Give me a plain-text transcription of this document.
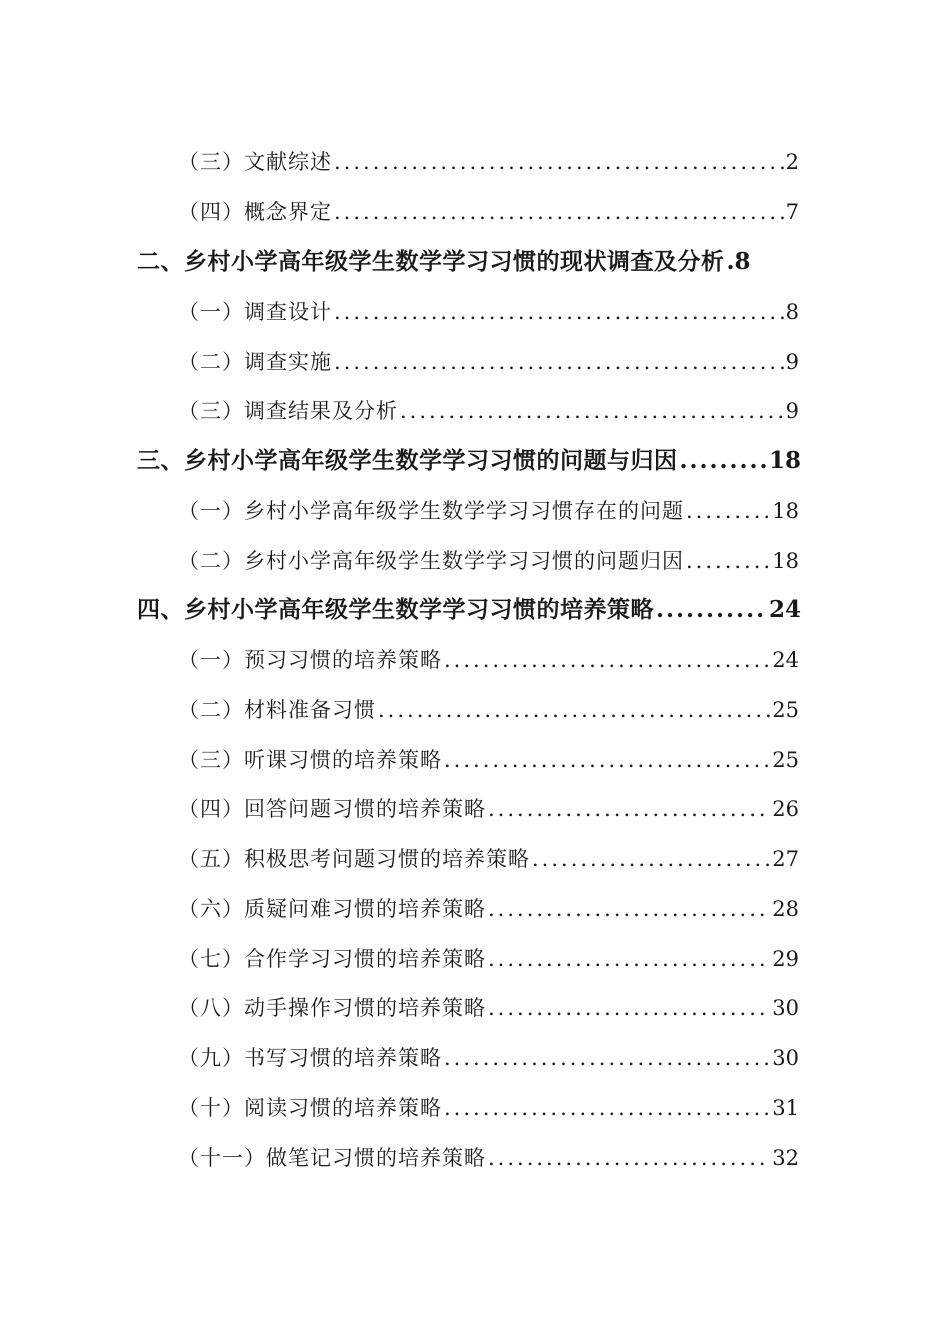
（三）文献综述 .....	2
（四）概念界定 .....	7
二、乡村小学高年级学生数学学习习惯的现状调查及分析 ..... 8
（一）调查设计 .....	8
（二）调查实施 .....	9
（三）调查结果及分析 .....	9
三、乡村小学高年级学生数学学习习惯的问题与归因 .....	18
（一）乡村小学高年级学生数学学习习惯存在的问题 .....	18
（二）乡村小学高年级学生数学学习习惯的问题归因 .....	18
四、乡村小学高年级学生数学学习习惯的培养策略 .....	24
（一）预习习惯的培养策略 .....	24
（二）材料准备习惯 .....	25
（三）听课习惯的培养策略 .....	25
（四）回答问题习惯的培养策略 .....	26
（五）积极思考问题习惯的培养策略 .....	27
（六）质疑问难习惯的培养策略 .....	28
（七）合作学习习惯的培养策略 .....	29
（八）动手操作习惯的培养策略 .....	30
（九）书写习惯的培养策略 .....	30
（十）阅读习惯的培养策略 .....	31
（十一）做笔记习惯的培养策略 .....	32
